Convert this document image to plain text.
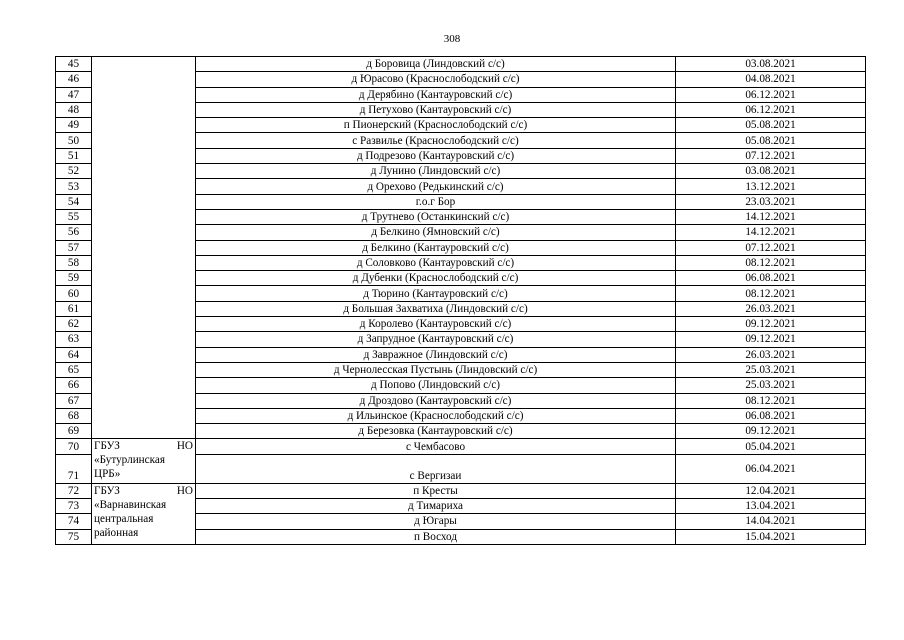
308
45		д Боровица (Линдовский с/с)	03.08.2021
46		д Юрасово (Краснослободский с/с)	04.08.2021
47		д Дерябино (Кантауровский с/с)	06.12.2021
48		д Петухово (Кантауровский с/с)	06.12.2021
49		п Пионерский (Краснослободский с/с)	05.08.2021
50		с Развилье (Краснослободский с/с)	05.08.2021
51		д Подрезово (Кантауровский с/с)	07.12.2021
52		д Лунино (Линдовский с/с)	03.08.2021
53		д Орехово (Редькинский с/с)	13.12.2021
54		г.о.г Бор	23.03.2021
55		д Трутнево (Останкинский с/с)	14.12.2021
56		д Белкино (Ямновский с/с)	14.12.2021
57		д Белкино (Кантауровский с/с)	07.12.2021
58		д Соловково (Кантауровский с/с)	08.12.2021
59		д Дубенки (Краснослободский с/с)	06.08.2021
60		д Тюрино (Кантауровский с/с)	08.12.2021
61		д Большая Захватиха (Линдовский с/с)	26.03.2021
62		д Королево (Кантауровский с/с)	09.12.2021
63		д Запрудное (Кантауровский с/с)	09.12.2021
64		д Завражное (Линдовский с/с)	26.03.2021
65		д Чернолесская Пустынь (Линдовский с/с)	25.03.2021
66		д Попово (Линдовский с/с)	25.03.2021
67		д Дроздово (Кантауровский с/с)	08.12.2021
68		д Ильинское (Краснослободский с/с)	06.08.2021
69		д Березовка (Кантауровский с/с)	09.12.2021
70	ГБУЗ НО
«Бутурлинская
ЦРБ»	с Чембасово	05.04.2021
71		с Вергизаи	06.04.2021
72	ГБУЗ НО
«Варнавинская
центральная
районная	п Кресты	12.04.2021
73		д Тимариха	13.04.2021
74		д Югары	14.04.2021
75		п Восход	15.04.2021
